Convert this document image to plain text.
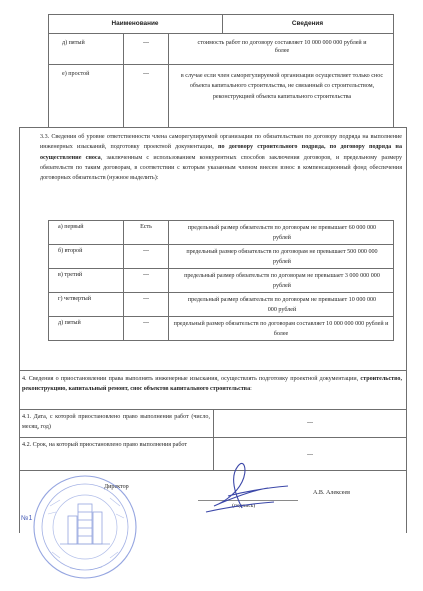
Наименование	Сведения
д) пятый	---	стоимость работ по договору составляет 10 000 000 000 рублей и более
е) простой	---	в случае если член саморегулируемой организации осуществляет только снос объекта капитального строительства, не связанный со строительством, реконструкцией объекта капитального строительства
3.3. Сведения об уровне ответственности члена саморегулируемой организации по обязательствам по договору подряда на выполнение инженерных изысканий, подготовку проектной документации, по договору строительного подряда, по договору подряда на осуществление сноса, заключенным с использованием конкурентных способов заключения договоров, и предельному размеру обязательств по таким договорам, в соответствии с которым указанным членом внесен взнос в компенсационный фонд обеспечения договорных обязательств (нужное выделить):
а) первый	Есть	предельный размер обязательств по договорам не превышает 60 000 000 рублей
б) второй	---	предельный размер обязательств по договорам не превышает 500 000 000 рублей
в) третий	---	предельный размер обязательств по договорам не превышает 3 000 000 000 рублей
г) четвертый	---	предельный размер обязательств по договорам не превышает 10 000 000 000 рублей
д) пятый	---	предельный размер обязательств по договорам составляет 10 000 000 000 рублей и более
4. Сведения о приостановлении права выполнять инженерные изыскания, осуществлять подготовку проектной документации, строительство, реконструкцию, капитальный ремонт, снос объектов капитального строительства:
4.1. Дата, с которой приостановлено право выполнения работ (число, месяц, год)
---
4.2. Срок, на который приостановлено право выполнения работ
---
Директор
(подпись)
А.В. Алексеев
№1
